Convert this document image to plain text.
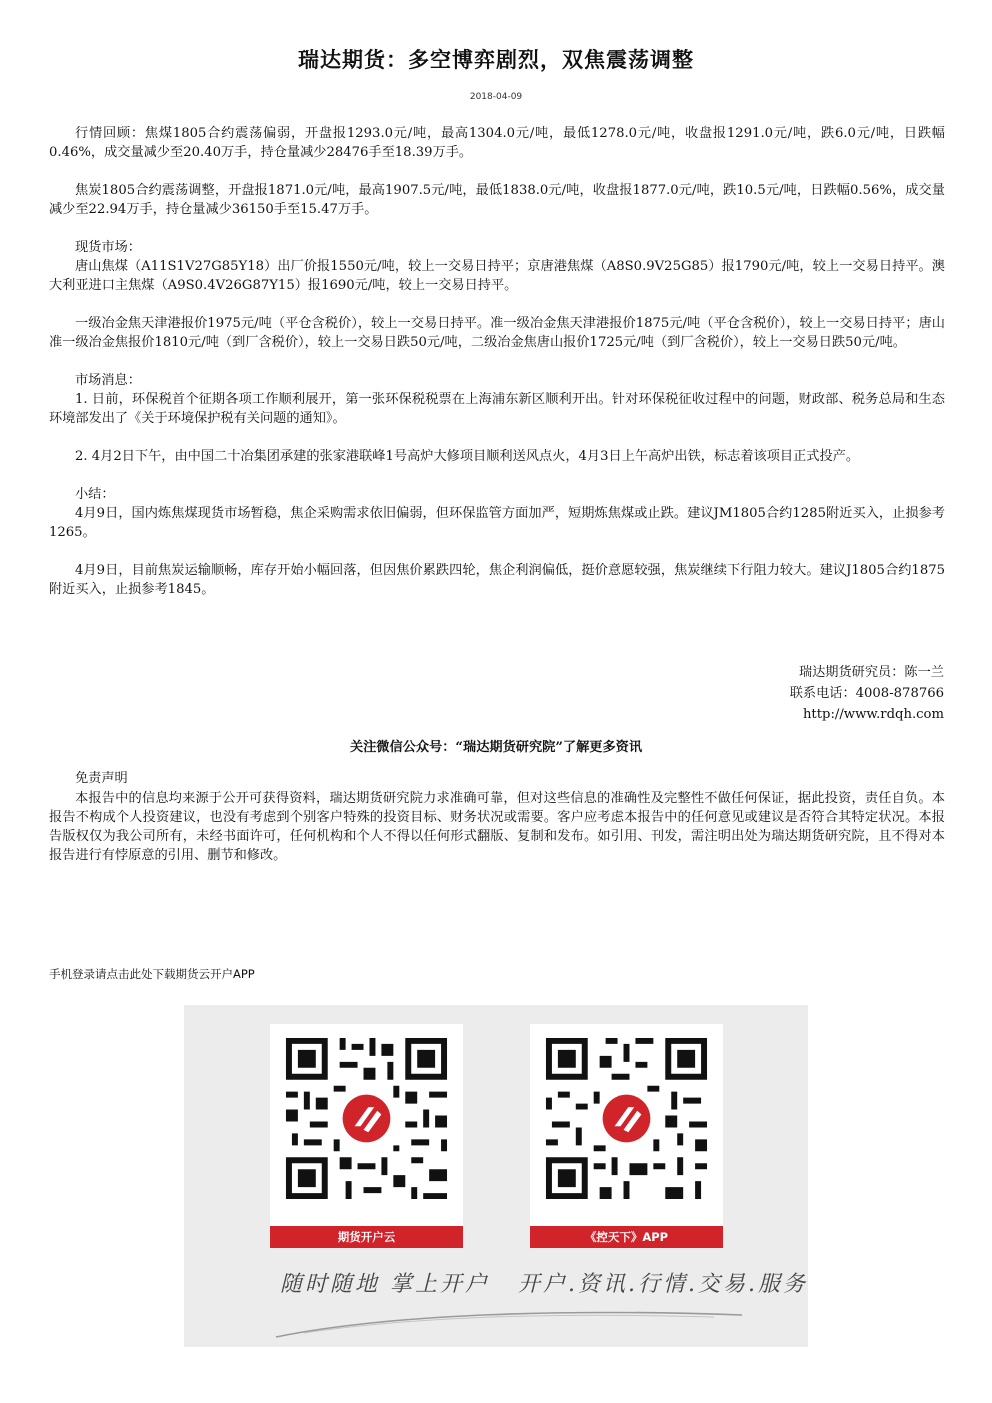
瑞达期货：多空博弈剧烈，双焦震荡调整
2018-04-09

行情回顾：焦煤1805合约震荡偏弱，开盘报1293.0元/吨，最高1304.0元/吨，最低1278.0元/吨，收盘报1291.0元/吨，跌6.0元/吨，日跌幅0.46%，成交量减少至20.40万手，持仓量减少28476手至18.39万手。

焦炭1805合约震荡调整，开盘报1871.0元/吨，最高1907.5元/吨，最低1838.0元/吨，收盘报1877.0元/吨，跌10.5元/吨，日跌幅0.56%，成交量减少至22.94万手，持仓量减少36150手至15.47万手。

现货市场：

唐山焦煤（A11S1V27G85Y18）出厂价报1550元/吨，较上一交易日持平；京唐港焦煤（A8S0.9V25G85）报1790元/吨，较上一交易日持平。澳大利亚进口主焦煤（A9S0.4V26G87Y15）报1690元/吨，较上一交易日持平。

一级冶金焦天津港报价1975元/吨（平仓含税价），较上一交易日持平。准一级冶金焦天津港报价1875元/吨（平仓含税价），较上一交易日持平；唐山准一级冶金焦报价1810元/吨（到厂含税价），较上一交易日跌50元/吨，二级冶金焦唐山报价1725元/吨（到厂含税价），较上一交易日跌50元/吨。

市场消息：

1. 日前，环保税首个征期各项工作顺利展开，第一张环保税税票在上海浦东新区顺利开出。针对环保税征收过程中的问题，财政部、税务总局和生态环境部发出了《关于环境保护税有关问题的通知》。

2. 4月2日下午，由中国二十冶集团承建的张家港联峰1号高炉大修项目顺利送风点火，4月3日上午高炉出铁，标志着该项目正式投产。

小结：

4月9日，国内炼焦煤现货市场暂稳，焦企采购需求依旧偏弱，但环保监管方面加严，短期炼焦煤或止跌。建议JM1805合约1285附近买入，止损参考1265。

4月9日，目前焦炭运输顺畅，库存开始小幅回落，但因焦价累跌四轮，焦企利润偏低，挺价意愿较强，焦炭继续下行阻力较大。建议J1805合约1875附近买入，止损参考1845。

瑞达期货研究员：陈一兰
联系电话：4008-878766
http://www.rdqh.com
关注微信公众号：“瑞达期货研究院”了解更多资讯
免责声明

本报告中的信息均来源于公开可获得资料，瑞达期货研究院力求准确可靠，但对这些信息的准确性及完整性不做任何保证，据此投资，责任自负。本报告不构成个人投资建议，也没有考虑到个别客户特殊的投资目标、财务状况或需要。客户应考虑本报告中的任何意见或建议是否符合其特定状况。本报告版权仅为我公司所有，未经书面许可，任何机构和个人不得以任何形式翻版、复制和发布。如引用、刊发，需注明出处为瑞达期货研究院，且不得对本报告进行有悖原意的引用、删节和修改。

手机登录请点击此处下载期货云开户APP
期货开户云	《控天下》APP
随时随地 掌上开户 开户.资讯.行情.交易.服务
